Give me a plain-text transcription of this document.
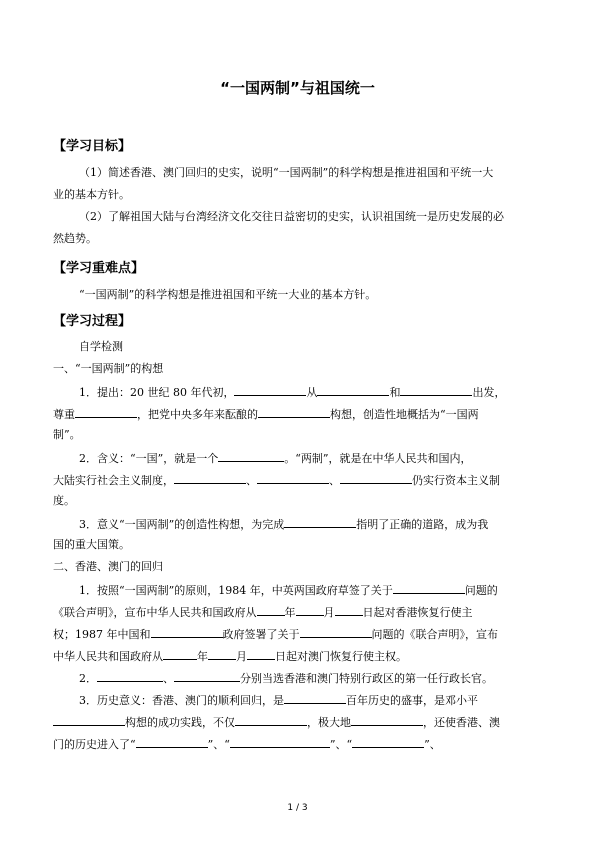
“一国两制”与祖国统一
【学习目标】
（1）简述香港、澳门回归的史实，说明“一国两制”的科学构想是推进祖国和平统一大
业的基本方针。
（2）了解祖国大陆与台湾经济文化交往日益密切的史实，认识祖国统一是历史发展的必
然趋势。
【学习重难点】
“一国两制”的科学构想是推进祖国和平统一大业的基本方针。
【学习过程】
自学检测
一、“一国两制”的构想
1．提出：20 世纪 80 年代初，	从	和	出发，
尊重	，把党中央多年来酝酿的	构想，创造性地概括为“一国两
制”。
2．含义：“一国”，就是一个	。“两制”，就是在中华人民共和国内，
大陆实行社会主义制度，	、	、	仍实行资本主义制
度。
3．意义“一国两制”的创造性构想，为完成	指明了正确的道路，成为我
国的重大国策。
二、香港、澳门的回归
1．按照“一国两制”的原则，1984 年，中英两国政府草签了关于	问题的
《联合声明》，宣布中华人民共和国政府从	年	月	日起对香港恢复行使主
权；1987 年中国和	政府签署了关于	问题的《联合声明》，宣布
中华人民共和国政府从	年	月	日起对澳门恢复行使主权。
2．	、	分别当选香港和澳门特别行政区的第一任行政长官。
3．历史意义：香港、澳门的顺利回归，是	百年历史的盛事，是邓小平
构想的成功实践，不仅	，极大地	，还使香港、澳
门的历史进入了“	”、“	”、“	”、
1 / 3
